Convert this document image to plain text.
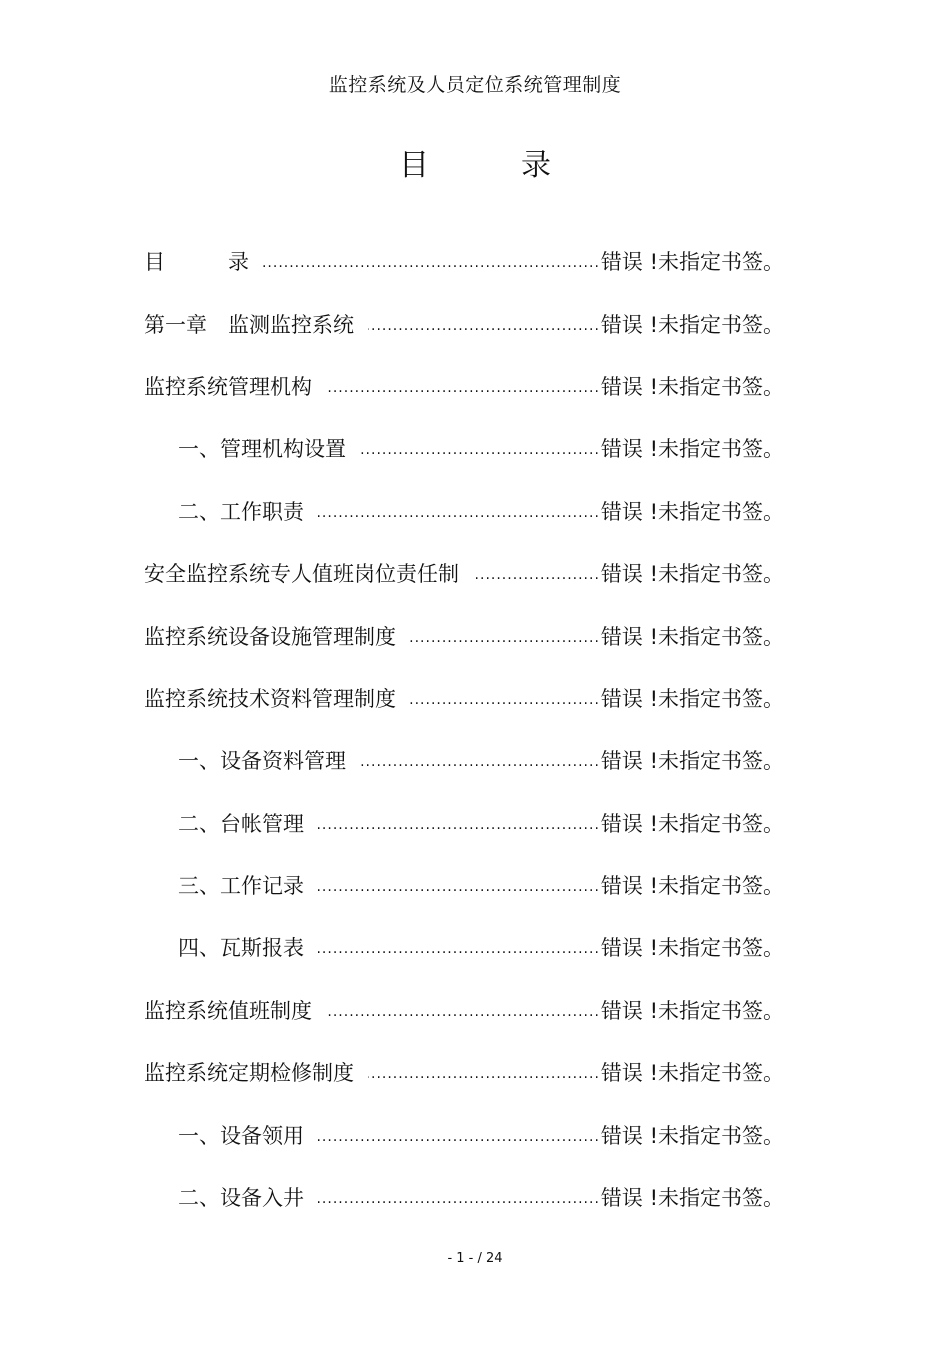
监控系统及人员定位系统管理制度
目	录
目　　　录 .....	错误 !未指定书签。
第一章　监测监控系统 .....	错误 !未指定书签。
监控系统管理机构 .....	错误 !未指定书签。
一、管理机构设置 .....	错误 !未指定书签。
二、工作职责 .....	错误 !未指定书签。
安全监控系统专人值班岗位责任制 .....	错误 !未指定书签。
监控系统设备设施管理制度 .....	错误 !未指定书签。
监控系统技术资料管理制度 .....	错误 !未指定书签。
一、设备资料管理 .....	错误 !未指定书签。
二、台帐管理 .....	错误 !未指定书签。
三、工作记录 .....	错误 !未指定书签。
四、瓦斯报表 .....	错误 !未指定书签。
监控系统值班制度 .....	错误 !未指定书签。
监控系统定期检修制度 .....	错误 !未指定书签。
一、设备领用 .....	错误 !未指定书签。
二、设备入井 .....	错误 !未指定书签。
- 1 - / 24
